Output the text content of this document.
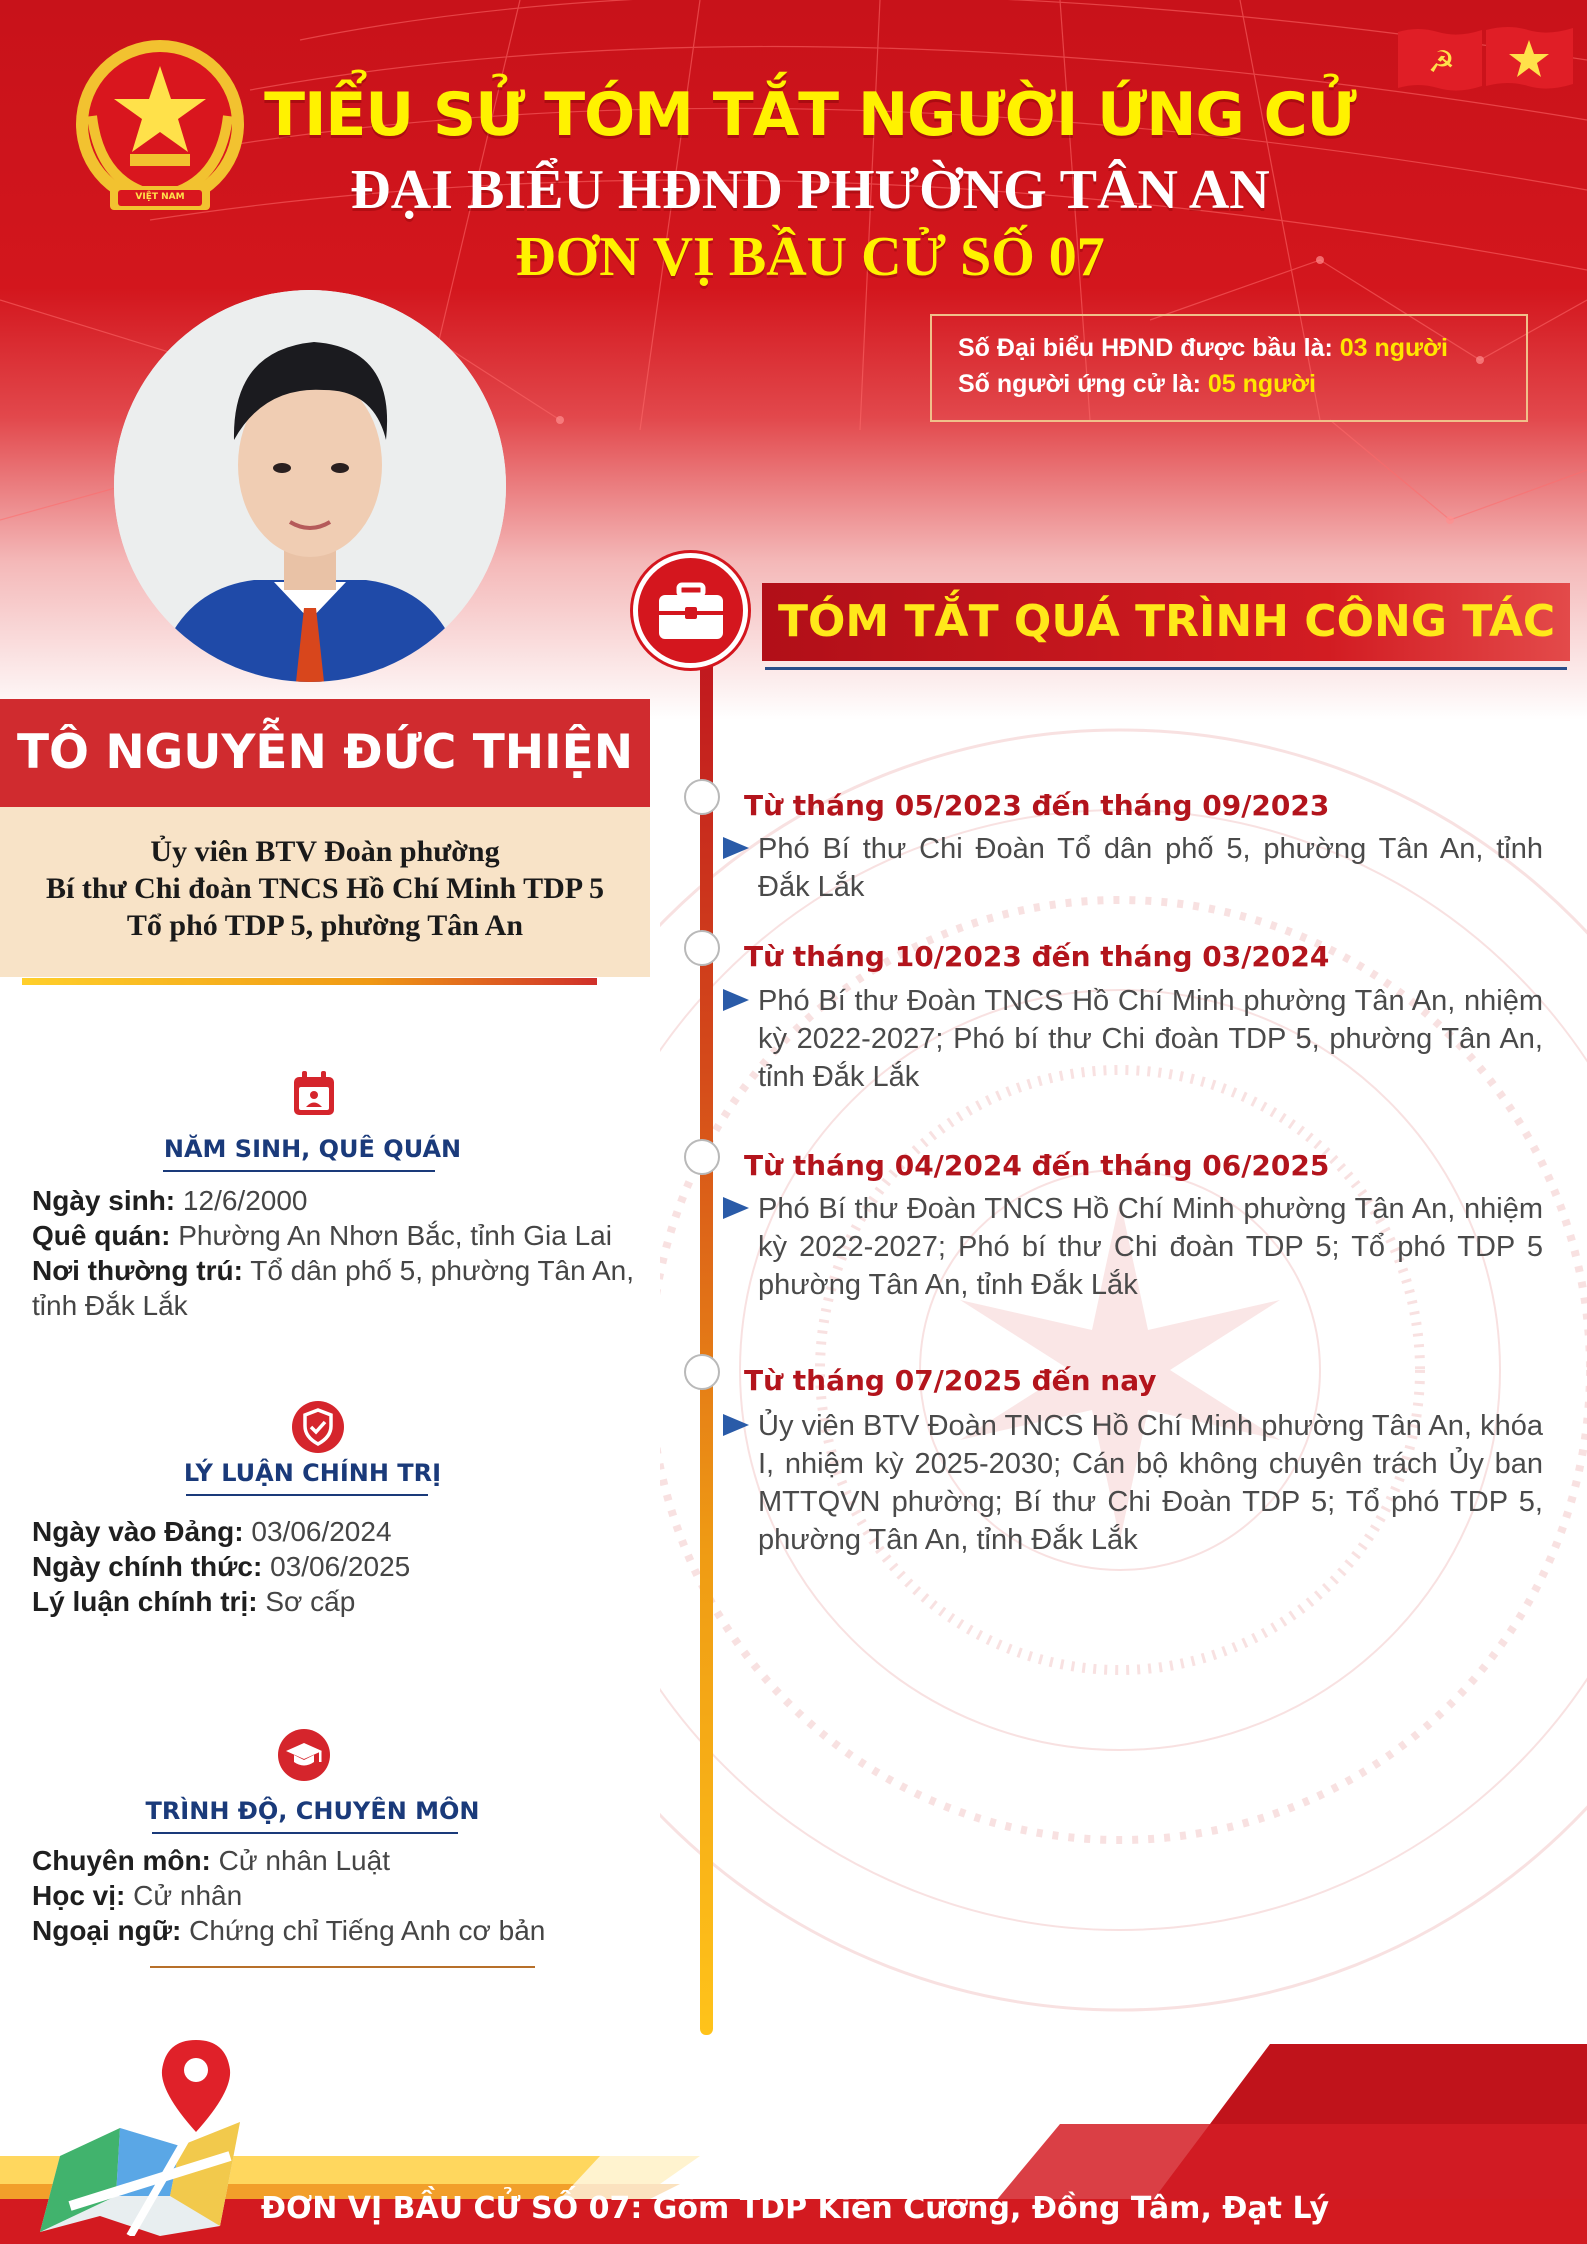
VIỆT NAM
☭
TIỂU SỬ TÓM TẮT NGƯỜI ỨNG CỬ
ĐẠI BIỂU HĐND PHƯỜNG TÂN AN
ĐƠN VỊ BẦU CỬ SỐ 07
Số Đại biểu HĐND được bầu là: 03 người
Số người ứng cử là: 05 người
TÔ NGUYỄN ĐỨC THIỆN
Ủy viên BTV Đoàn phường
Bí thư Chi đoàn TNCS Hồ Chí Minh TDP 5
Tổ phó TDP 5, phường Tân An
NĂM SINH, QUÊ QUÁN
Ngày sinh: 12/6/2000
Quê quán: Phường An Nhơn Bắc, tỉnh Gia Lai
Nơi thường trú: Tổ dân phố 5, phường Tân An, tỉnh Đắk Lắk
LÝ LUẬN CHÍNH TRỊ
Ngày vào Đảng: 03/06/2024
Ngày chính thức: 03/06/2025
Lý luận chính trị: Sơ cấp
TRÌNH ĐỘ, CHUYÊN MÔN
Chuyên môn: Cử nhân Luật
Học vị: Cử nhân
Ngoại ngữ: Chứng chỉ Tiếng Anh cơ bản
TÓM TẮT QUÁ TRÌNH CÔNG TÁC
Từ tháng 05/2023 đến tháng 09/2023
Phó Bí thư Chi Đoàn Tổ dân phố 5, phường Tân An, tỉnh Đắk Lắk
Từ tháng 10/2023 đến tháng 03/2024
Phó Bí thư Đoàn TNCS Hồ Chí Minh phường Tân An, nhiệm kỳ 2022-2027; Phó bí thư Chi đoàn TDP 5, phường Tân An, tỉnh Đắk Lắk
Từ tháng 04/2024 đến tháng 06/2025
Phó Bí thư Đoàn TNCS Hồ Chí Minh phường Tân An, nhiệm kỳ 2022-2027; Phó bí thư Chi đoàn TDP 5; Tổ phó TDP 5 phường Tân An, tỉnh Đắk Lắk
Từ tháng 07/2025 đến nay
Ủy viên BTV Đoàn TNCS Hồ Chí Minh phường Tân An, khóa I, nhiệm kỳ 2025-2030; Cán bộ không chuyên trách Ủy ban MTTQVN phường; Bí thư Chi Đoàn TDP 5; Tổ phó TDP 5, phường Tân An, tỉnh Đắk Lắk
ĐƠN VỊ BẦU CỬ SỐ 07: Gồm TDP Kiên Cường, Đồng Tâm, Đạt Lý
